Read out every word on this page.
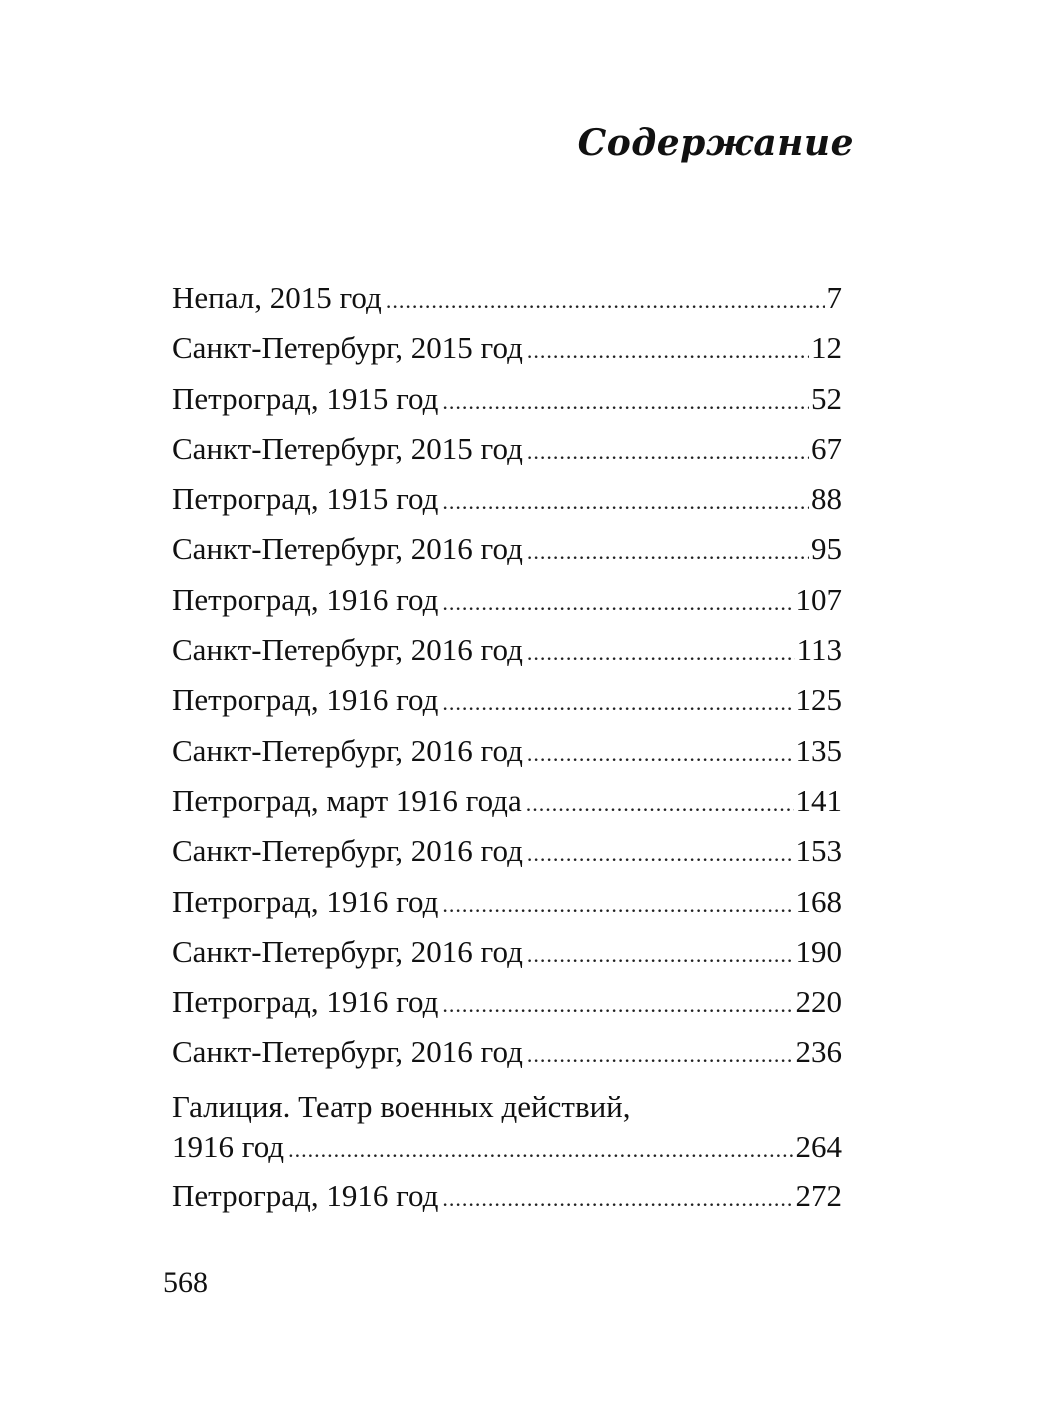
Содержание
Непал, 2015 год .....	7
Санкт-Петербург, 2015 год .....	12
Петроград, 1915 год .....	52
Санкт-Петербург, 2015 год .....	67
Петроград, 1915 год .....	88
Санкт-Петербург, 2016 год .....	95
Петроград, 1916 год .....	107
Санкт-Петербург, 2016 год .....	113
Петроград, 1916 год .....	125
Санкт-Петербург, 2016 год .....	135
Петроград, март 1916 года .....	141
Санкт-Петербург, 2016 год .....	153
Петроград, 1916 год .....	168
Санкт-Петербург, 2016 год .....	190
Петроград, 1916 год .....	220
Санкт-Петербург, 2016 год .....	236
Галиция. Театр военных действий,
1916 год .....	264
Петроград, 1916 год .....	272
568
